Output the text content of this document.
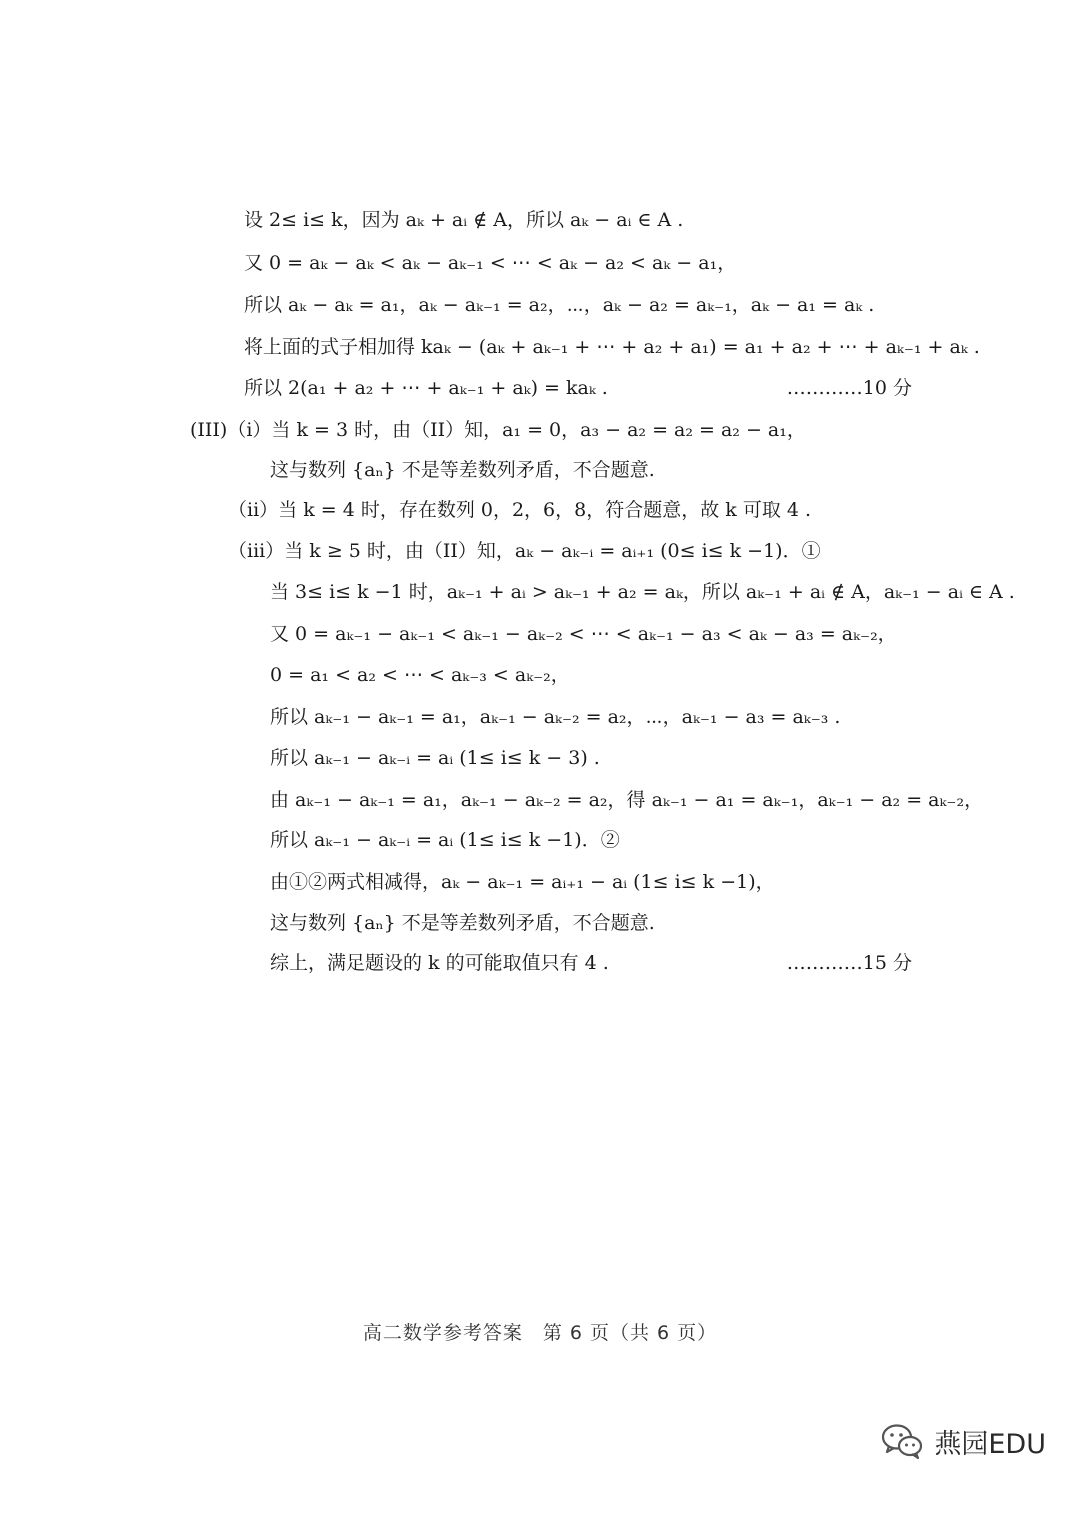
设 2≤ i≤ k，因为 aₖ + aᵢ ∉ A，所以 aₖ − aᵢ ∈ A .
又 0 = aₖ − aₖ < aₖ − aₖ₋₁ < ⋯ < aₖ − a₂ < aₖ − a₁，
所以 aₖ − aₖ = a₁，aₖ − aₖ₋₁ = a₂，⋯，aₖ − a₂ = aₖ₋₁，aₖ − a₁ = aₖ .
将上面的式子相加得 kaₖ − (aₖ + aₖ₋₁ + ⋯ + a₂ + a₁) = a₁ + a₂ + ⋯ + aₖ₋₁ + aₖ .
所以 2(a₁ + a₂ + ⋯ + aₖ₋₁ + aₖ) = kaₖ .	…………10 分
(III)（i）当 k = 3 时，由（II）知，a₁ = 0，a₃ − a₂ = a₂ = a₂ − a₁，
这与数列 {aₙ} 不是等差数列矛盾，不合题意.
（ii）当 k = 4 时，存在数列 0，2，6，8，符合题意，故 k 可取 4 .
（iii）当 k ≥ 5 时，由（II）知，aₖ − aₖ₋ᵢ = aᵢ₊₁ (0≤ i≤ k −1)．①
当 3≤ i≤ k −1 时，aₖ₋₁ + aᵢ > aₖ₋₁ + a₂ = aₖ，所以 aₖ₋₁ + aᵢ ∉ A，aₖ₋₁ − aᵢ ∈ A .
又 0 = aₖ₋₁ − aₖ₋₁ < aₖ₋₁ − aₖ₋₂ < ⋯ < aₖ₋₁ − a₃ < aₖ − a₃ = aₖ₋₂，
0 = a₁ < a₂ < ⋯ < aₖ₋₃ < aₖ₋₂，
所以 aₖ₋₁ − aₖ₋₁ = a₁，aₖ₋₁ − aₖ₋₂ = a₂，⋯，aₖ₋₁ − a₃ = aₖ₋₃ .
所以 aₖ₋₁ − aₖ₋ᵢ = aᵢ (1≤ i≤ k − 3) .
由 aₖ₋₁ − aₖ₋₁ = a₁，aₖ₋₁ − aₖ₋₂ = a₂，得 aₖ₋₁ − a₁ = aₖ₋₁，aₖ₋₁ − a₂ = aₖ₋₂，
所以 aₖ₋₁ − aₖ₋ᵢ = aᵢ (1≤ i≤ k −1)．②
由①②两式相减得，aₖ − aₖ₋₁ = aᵢ₊₁ − aᵢ (1≤ i≤ k −1)，
这与数列 {aₙ} 不是等差数列矛盾，不合题意.
综上，满足题设的 k 的可能取值只有 4 .	…………15 分
高二数学参考答案　第 6 页（共 6 页）
燕园EDU
